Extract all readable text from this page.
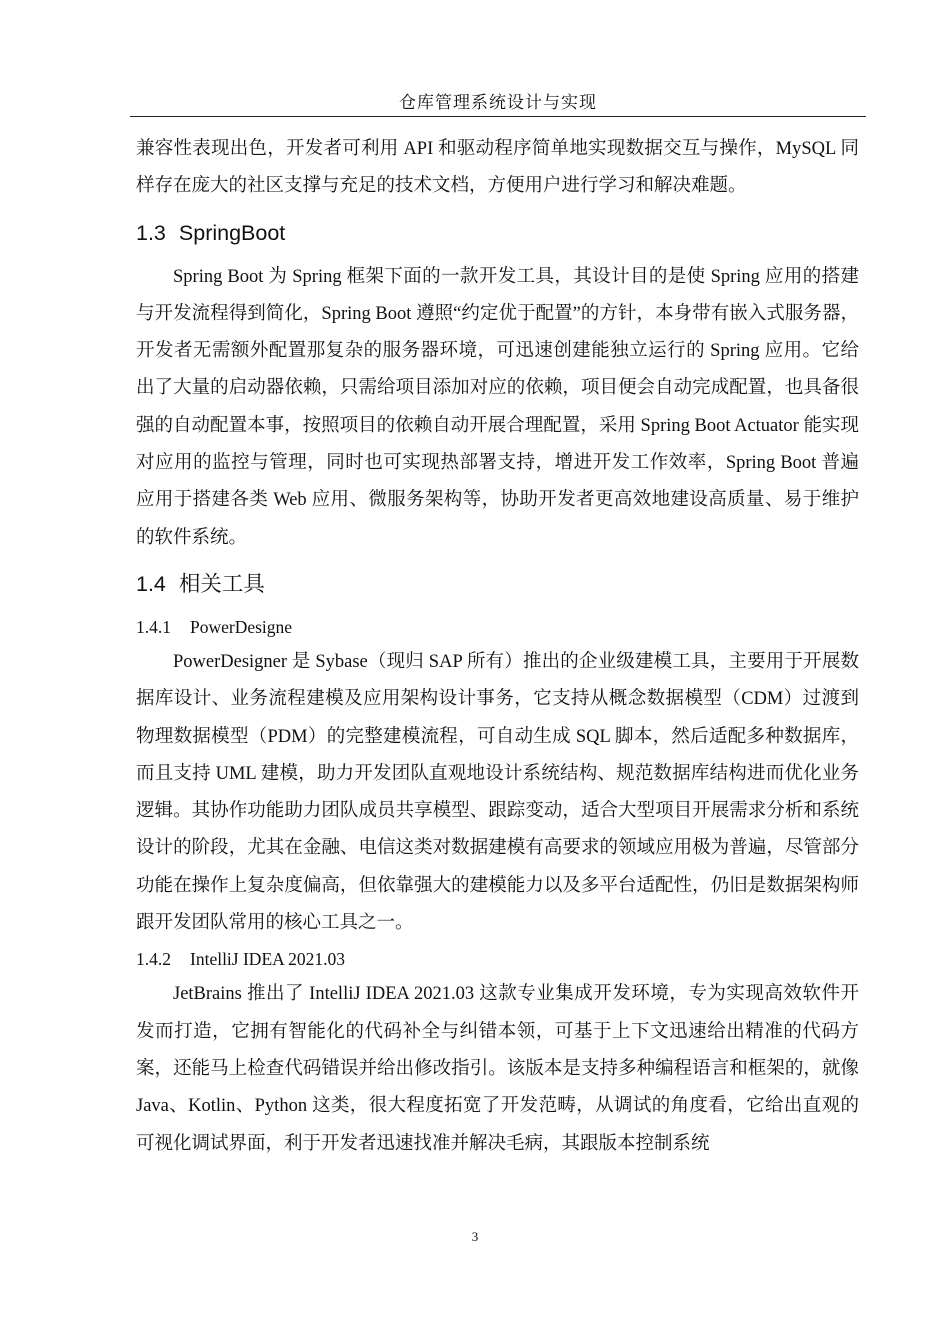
仓库管理系统设计与实现

兼容性表现出色，开发者可利用 API 和驱动程序简单地实现数据交互与操作，MySQL 同样存在庞大的社区支撑与充足的技术文档，方便用户进行学习和解决难题。

1.3 SpringBoot

Spring Boot 为 Spring 框架下面的一款开发工具，其设计目的是使 Spring 应用的搭建与开发流程得到简化，Spring Boot 遵照“约定优于配置”的方针，本身带有嵌入式服务器，开发者无需额外配置那复杂的服务器环境，可迅速创建能独立运行的 Spring 应用。它给出了大量的启动器依赖，只需给项目添加对应的依赖，项目便会自动完成配置，也具备很强的自动配置本事，按照项目的依赖自动开展合理配置，采用 Spring Boot Actuator 能实现对应用的监控与管理，同时也可实现热部署支持，增进开发工作效率，Spring Boot 普遍应用于搭建各类 Web 应用、微服务架构等，协助开发者更高效地建设高质量、易于维护的软件系统。

1.4 相关工具
1.4.1 PowerDesigne

PowerDesigner 是 Sybase（现归 SAP 所有）推出的企业级建模工具，主要用于开展数据库设计、业务流程建模及应用架构设计事务，它支持从概念数据模型（CDM）过渡到物理数据模型（PDM）的完整建模流程，可自动生成 SQL 脚本，然后适配多种数据库，而且支持 UML 建模，助力开发团队直观地设计系统结构、规范数据库结构进而优化业务逻辑。其协作功能助力团队成员共享模型、跟踪变动，适合大型项目开展需求分析和系统设计的阶段，尤其在金融、电信这类对数据建模有高要求的领域应用极为普遍，尽管部分功能在操作上复杂度偏高，但依靠强大的建模能力以及多平台适配性，仍旧是数据架构师跟开发团队常用的核心工具之一。

1.4.2 IntelliJ IDEA 2021.03

JetBrains 推出了 IntelliJ IDEA 2021.03 这款专业集成开发环境，专为实现高效软件开发而打造，它拥有智能化的代码补全与纠错本领，可基于上下文迅速给出精准的代码方案，还能马上检查代码错误并给出修改指引。该版本是支持多种编程语言和框架的，就像 Java、Kotlin、Python 这类，很大程度拓宽了开发范畴，从调试的角度看，它给出直观的可视化调试界面，利于开发者迅速找准并解决毛病，其跟版本控制系统

3
